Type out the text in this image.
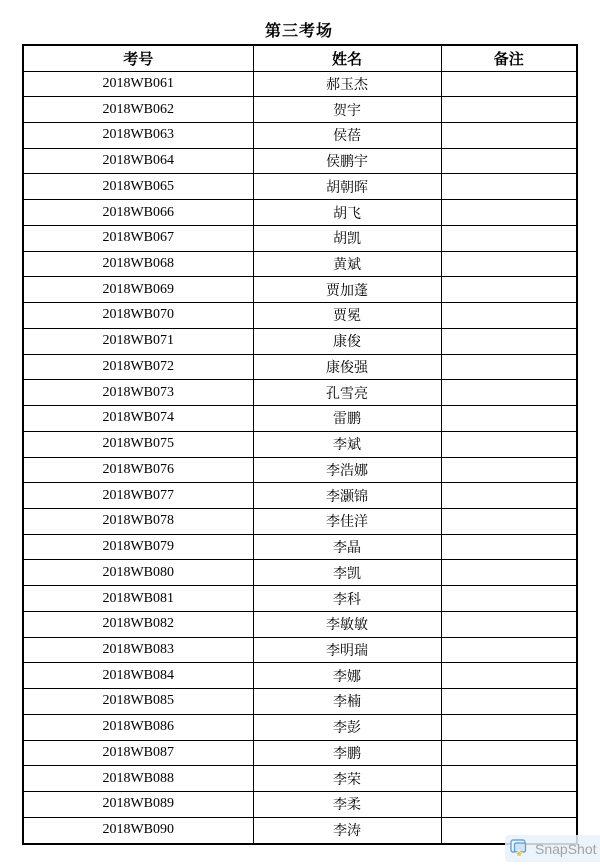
第三考场
考号	姓名	备注
2018WB061	郝玉杰	
2018WB062	贺宇	
2018WB063	侯蓓	
2018WB064	侯鹏宇	
2018WB065	胡朝晖	
2018WB066	胡飞	
2018WB067	胡凯	
2018WB068	黄斌	
2018WB069	贾加蓬	
2018WB070	贾冕	
2018WB071	康俊	
2018WB072	康俊强	
2018WB073	孔雪亮	
2018WB074	雷鹏	
2018WB075	李斌	
2018WB076	李浩娜	
2018WB077	李灏锦	
2018WB078	李佳洋	
2018WB079	李晶	
2018WB080	李凯	
2018WB081	李科	
2018WB082	李敏敏	
2018WB083	李明瑞	
2018WB084	李娜	
2018WB085	李楠	
2018WB086	李彭	
2018WB087	李鹏	
2018WB088	李荣	
2018WB089	李柔	
2018WB090	李涛	
SnapShot
